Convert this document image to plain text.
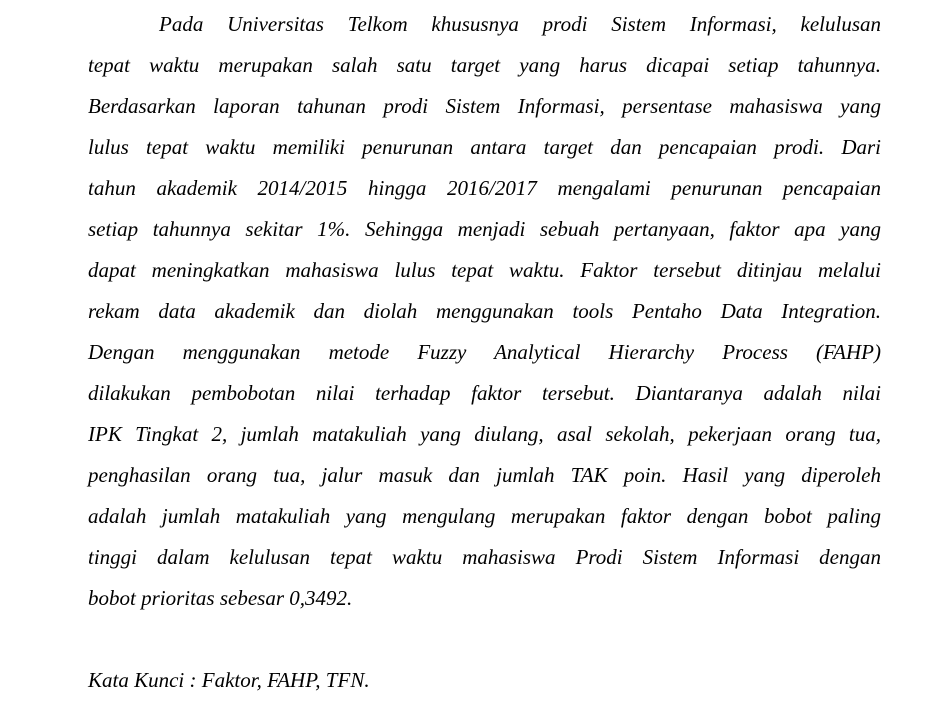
Pada Universitas Telkom khususnya prodi Sistem Informasi, kelulusan
tepat waktu merupakan salah satu target yang harus dicapai setiap tahunnya.
Berdasarkan laporan tahunan prodi Sistem Informasi, persentase mahasiswa yang
lulus tepat waktu memiliki penurunan antara target dan pencapaian prodi. Dari
tahun akademik 2014/2015 hingga 2016/2017 mengalami penurunan pencapaian
setiap tahunnya sekitar 1%. Sehingga menjadi sebuah pertanyaan, faktor apa yang
dapat meningkatkan mahasiswa lulus tepat waktu. Faktor tersebut ditinjau melalui
rekam data akademik dan diolah menggunakan tools Pentaho Data Integration.
Dengan menggunakan metode Fuzzy Analytical Hierarchy Process (FAHP)
dilakukan pembobotan nilai terhadap faktor tersebut. Diantaranya adalah nilai
IPK Tingkat 2, jumlah matakuliah yang diulang, asal sekolah, pekerjaan orang tua,
penghasilan orang tua, jalur masuk dan jumlah TAK poin. Hasil yang diperoleh
adalah jumlah matakuliah yang mengulang merupakan faktor dengan bobot paling
tinggi dalam kelulusan tepat waktu mahasiswa Prodi Sistem Informasi dengan
bobot prioritas sebesar 0,3492.
Kata Kunci : Faktor, FAHP, TFN.
